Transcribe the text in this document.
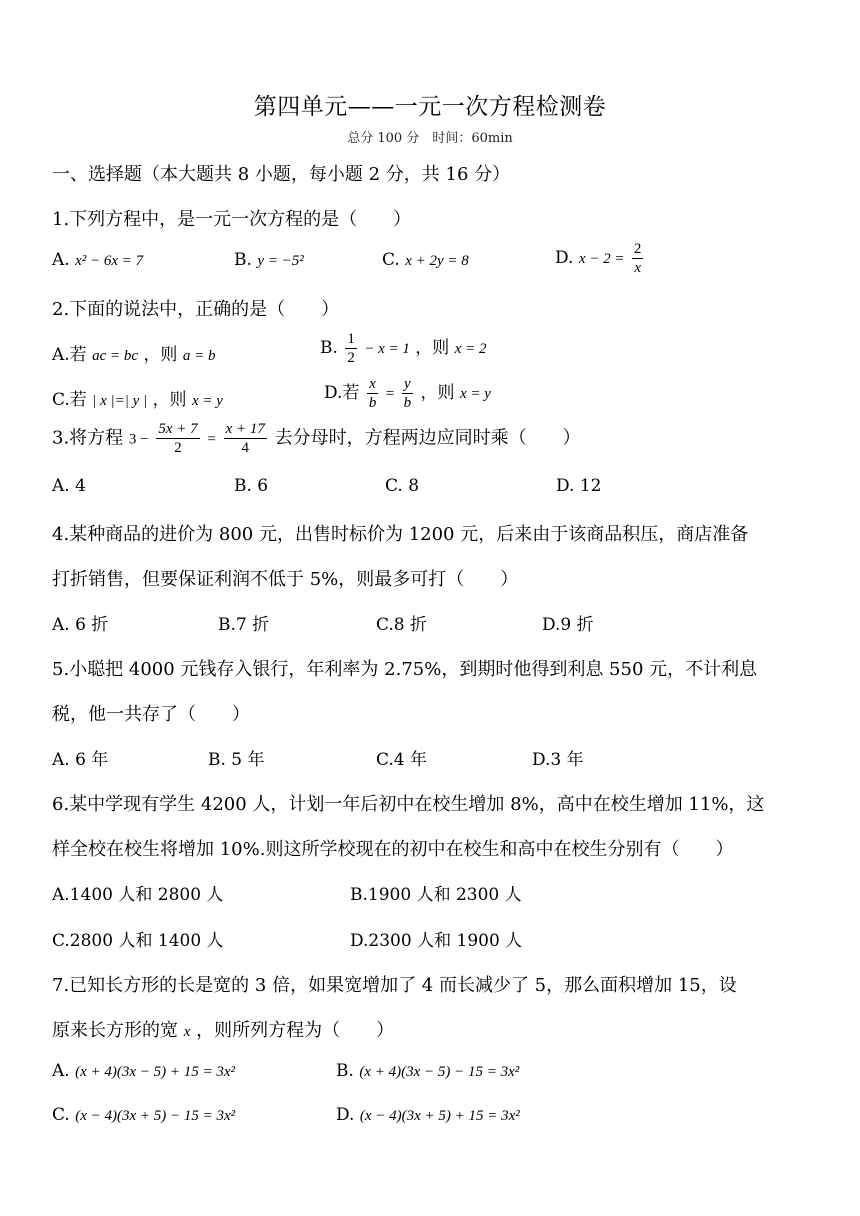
第四单元——一元一次方程检测卷
总分 100 分　时间：60min
一、选择题（本大题共 8 小题，每小题 2 分，共 16 分）
1.下列方程中，是一元一次方程的是（　　）
A. x² − 6x = 7	B. y = −5²	C. x + 2y = 8	D. $x - 2 = \frac{2}{x}$
2.下面的说法中，正确的是（　　）
A.若 ac = bc ，则 a = b	B. $\frac{1}{2} - x = 1$ ，则 x = 2
C.若 | x |=| y | ，则 x = y	D.若 $\frac{x}{b} = \frac{y}{b}$ ，则 x = y
3.将方程 $3 - \frac{5x + 7}{2} = \frac{x + 17}{4}$ 去分母时，方程两边应同时乘（　　）
A. 4	B. 6	C. 8	D. 12
4.某种商品的进价为 800 元，出售时标价为 1200 元，后来由于该商品积压，商店准备
打折销售，但要保证利润不低于 5%，则最多可打（　　）
A. 6 折	B.7 折	C.8 折	D.9 折
5.小聪把 4000 元钱存入银行，年利率为 2.75%，到期时他得到利息 550 元，不计利息
税，他一共存了（　　）
A. 6 年	B. 5 年	C.4 年	D.3 年
6.某中学现有学生 4200 人，计划一年后初中在校生增加 8%，高中在校生增加 11%，这
样全校在校生将增加 10%.则这所学校现在的初中在校生和高中在校生分别有（　　）
A.1400 人和 2800 人	B.1900 人和 2300 人
C.2800 人和 1400 人	D.2300 人和 1900 人
7.已知长方形的长是宽的 3 倍，如果宽增加了 4 而长减少了 5，那么面积增加 15，设
原来长方形的宽 x ，则所列方程为（　　）
A. (x + 4)(3x − 5) + 15 = 3x²	B. (x + 4)(3x − 5) − 15 = 3x²
C. (x − 4)(3x + 5) − 15 = 3x²	D. (x − 4)(3x + 5) + 15 = 3x²
